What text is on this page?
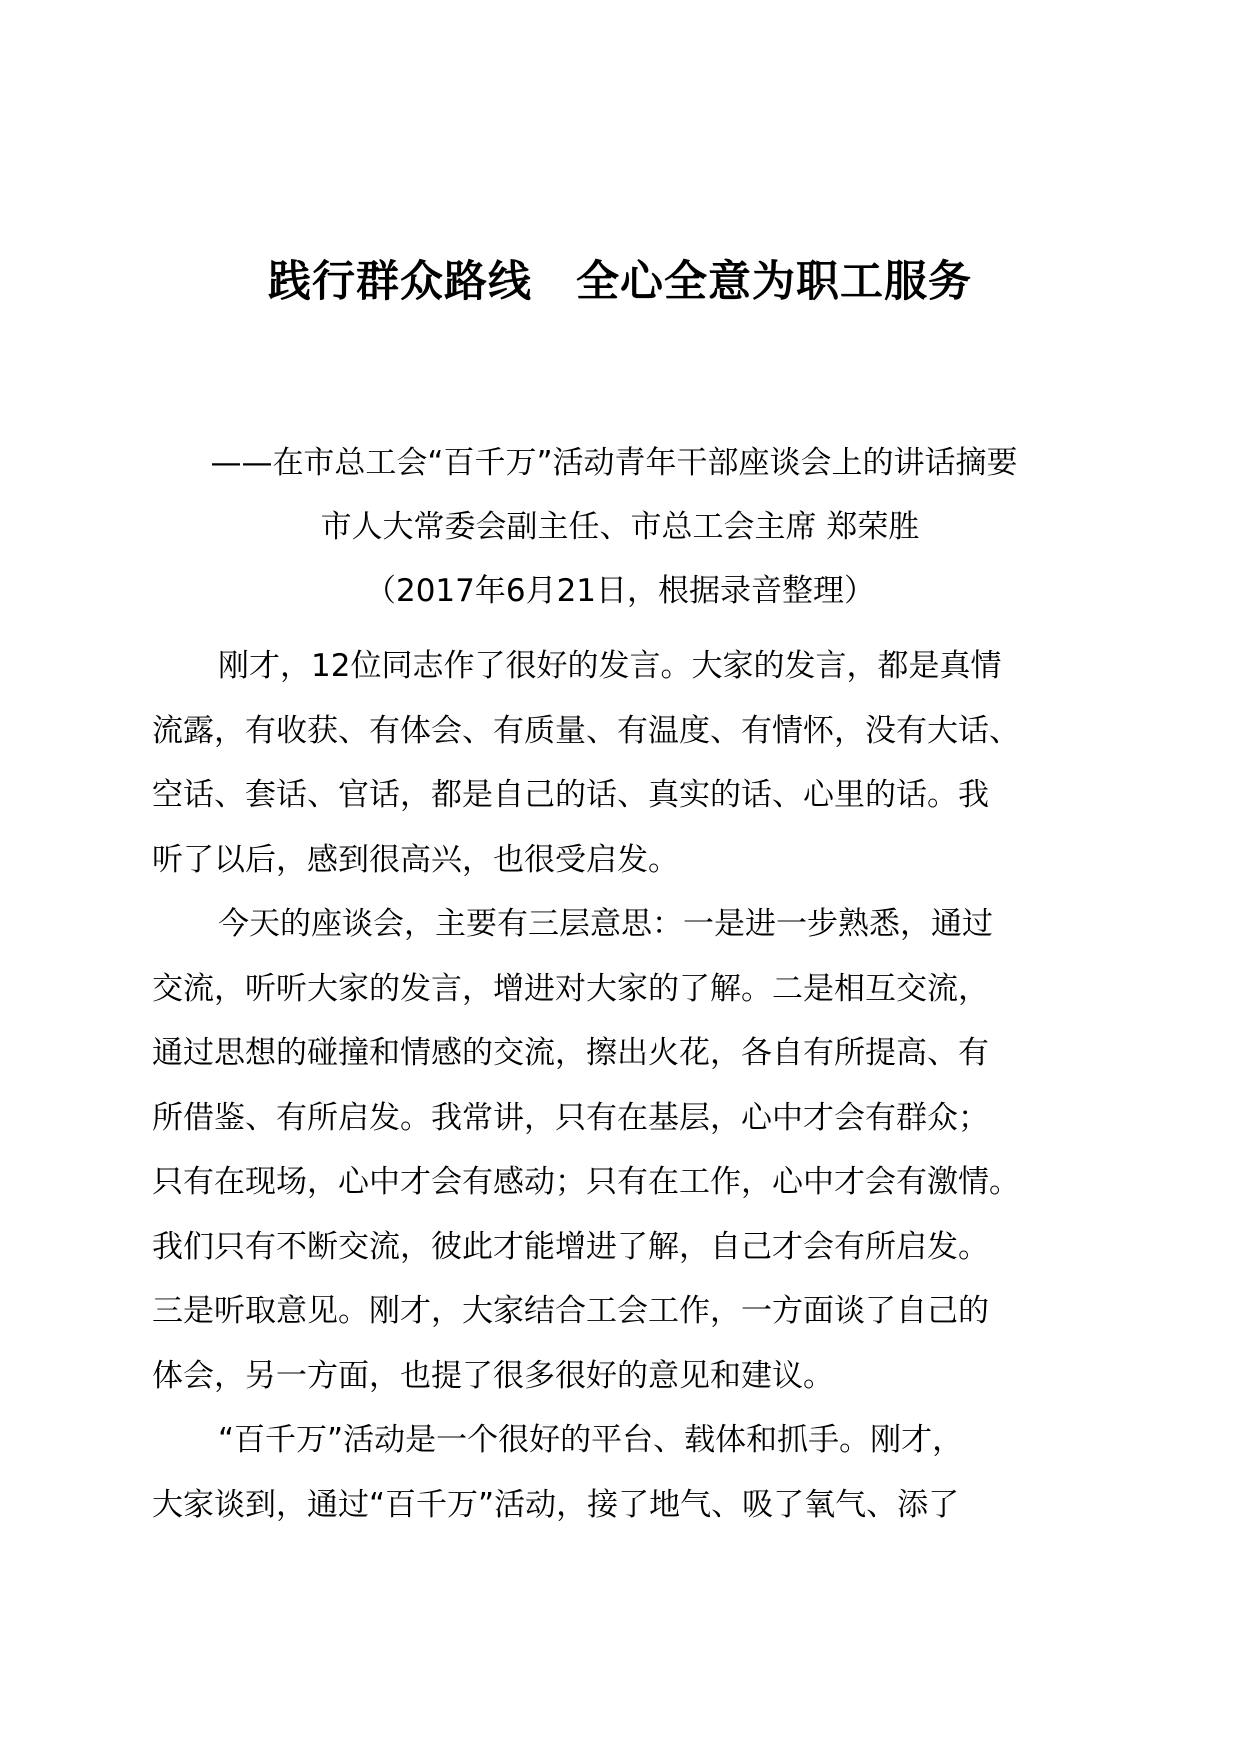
践行群众路线　全心全意为职工服务
——在市总工会“百千万”活动青年干部座谈会上的讲话摘要
市人大常委会副主任、市总工会主席 郑荣胜
（2017年6月21日，根据录音整理）
刚才，12位同志作了很好的发言。大家的发言，都是真情
流露，有收获、有体会、有质量、有温度、有情怀，没有大话、
空话、套话、官话，都是自己的话、真实的话、心里的话。我
听了以后，感到很高兴，也很受启发。
今天的座谈会，主要有三层意思：一是进一步熟悉，通过
交流，听听大家的发言，增进对大家的了解。二是相互交流，
通过思想的碰撞和情感的交流，擦出火花，各自有所提高、有
所借鉴、有所启发。我常讲，只有在基层，心中才会有群众；
只有在现场，心中才会有感动；只有在工作，心中才会有激情。
我们只有不断交流，彼此才能增进了解，自己才会有所启发。
三是听取意见。刚才，大家结合工会工作，一方面谈了自己的
体会，另一方面，也提了很多很好的意见和建议。
“百千万”活动是一个很好的平台、载体和抓手。刚才，
大家谈到，通过“百千万”活动，接了地气、吸了氧气、添了
